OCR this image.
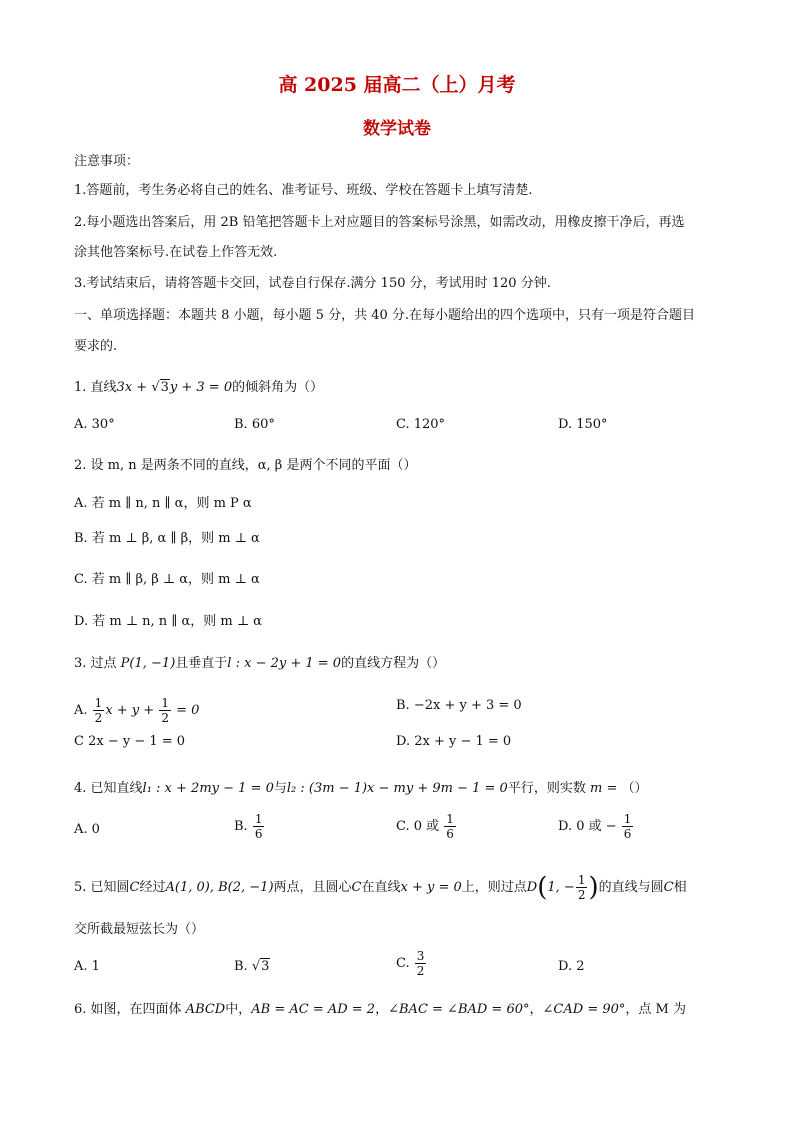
高 2025 届高二（上）月考
数学试卷
注意事项：
1.答题前，考生务必将自己的姓名、准考证号、班级、学校在答题卡上填写清楚.
2.每小题选出答案后，用 2B 铅笔把答题卡上对应题目的答案标号涂黑，如需改动，用橡皮擦干净后，再选
涂其他答案标号.在试卷上作答无效.
3.考试结束后，请将答题卡交回，试卷自行保存.满分 150 分，考试用时 120 分钟.
一、单项选择题：本题共 8 小题，每小题 5 分，共 40 分.在每小题给出的四个选项中，只有一项是符合题目
要求的.
1. 直线3x + √3y + 3 = 0的倾斜角为（）
A. 30°	B. 60°	C. 120°	D. 150°
2. 设 m, n 是两条不同的直线，α, β 是两个不同的平面（）
A. 若 m ∥ n, n ∥ α，则 m P α
B. 若 m ⊥ β, α ∥ β，则 m ⊥ α
C. 若 m ∥ β, β ⊥ α，则 m ⊥ α
D. 若 m ⊥ n, n ∥ α，则 m ⊥ α
3. 过点 P(1, −1)且垂直于l : x − 2y + 1 = 0的直线方程为（）
A. $\frac{1}{2}$ $x + y + \frac{1}{2} = 0$	B. −2x + y + 3 = 0
C 2x − y − 1 = 0	D. 2x + y − 1 = 0
4. 已知直线l₁ : x + 2my − 1 = 0与l₂ : (3m − 1)x − my + 9m − 1 = 0平行，则实数 m = （）
A. 0	B. $\frac{1}{6}$	C. 0 或 $\frac{1}{6}$	D. 0 或 − $\frac{1}{6}$
5. 已知圆C经过A(1, 0), B(2, −1)两点，且圆心C在直线x + y = 0上，则过点D(1, − $\frac{1}{2}$ )的直线与圆C相
交所截最短弦长为（）
A. 1	B. √3	C. $\frac{3}{2}$	D. 2
6. 如图，在四面体 ABCD中，AB = AC = AD = 2，∠BAC = ∠BAD = 60°，∠CAD = 90°，点 M 为
